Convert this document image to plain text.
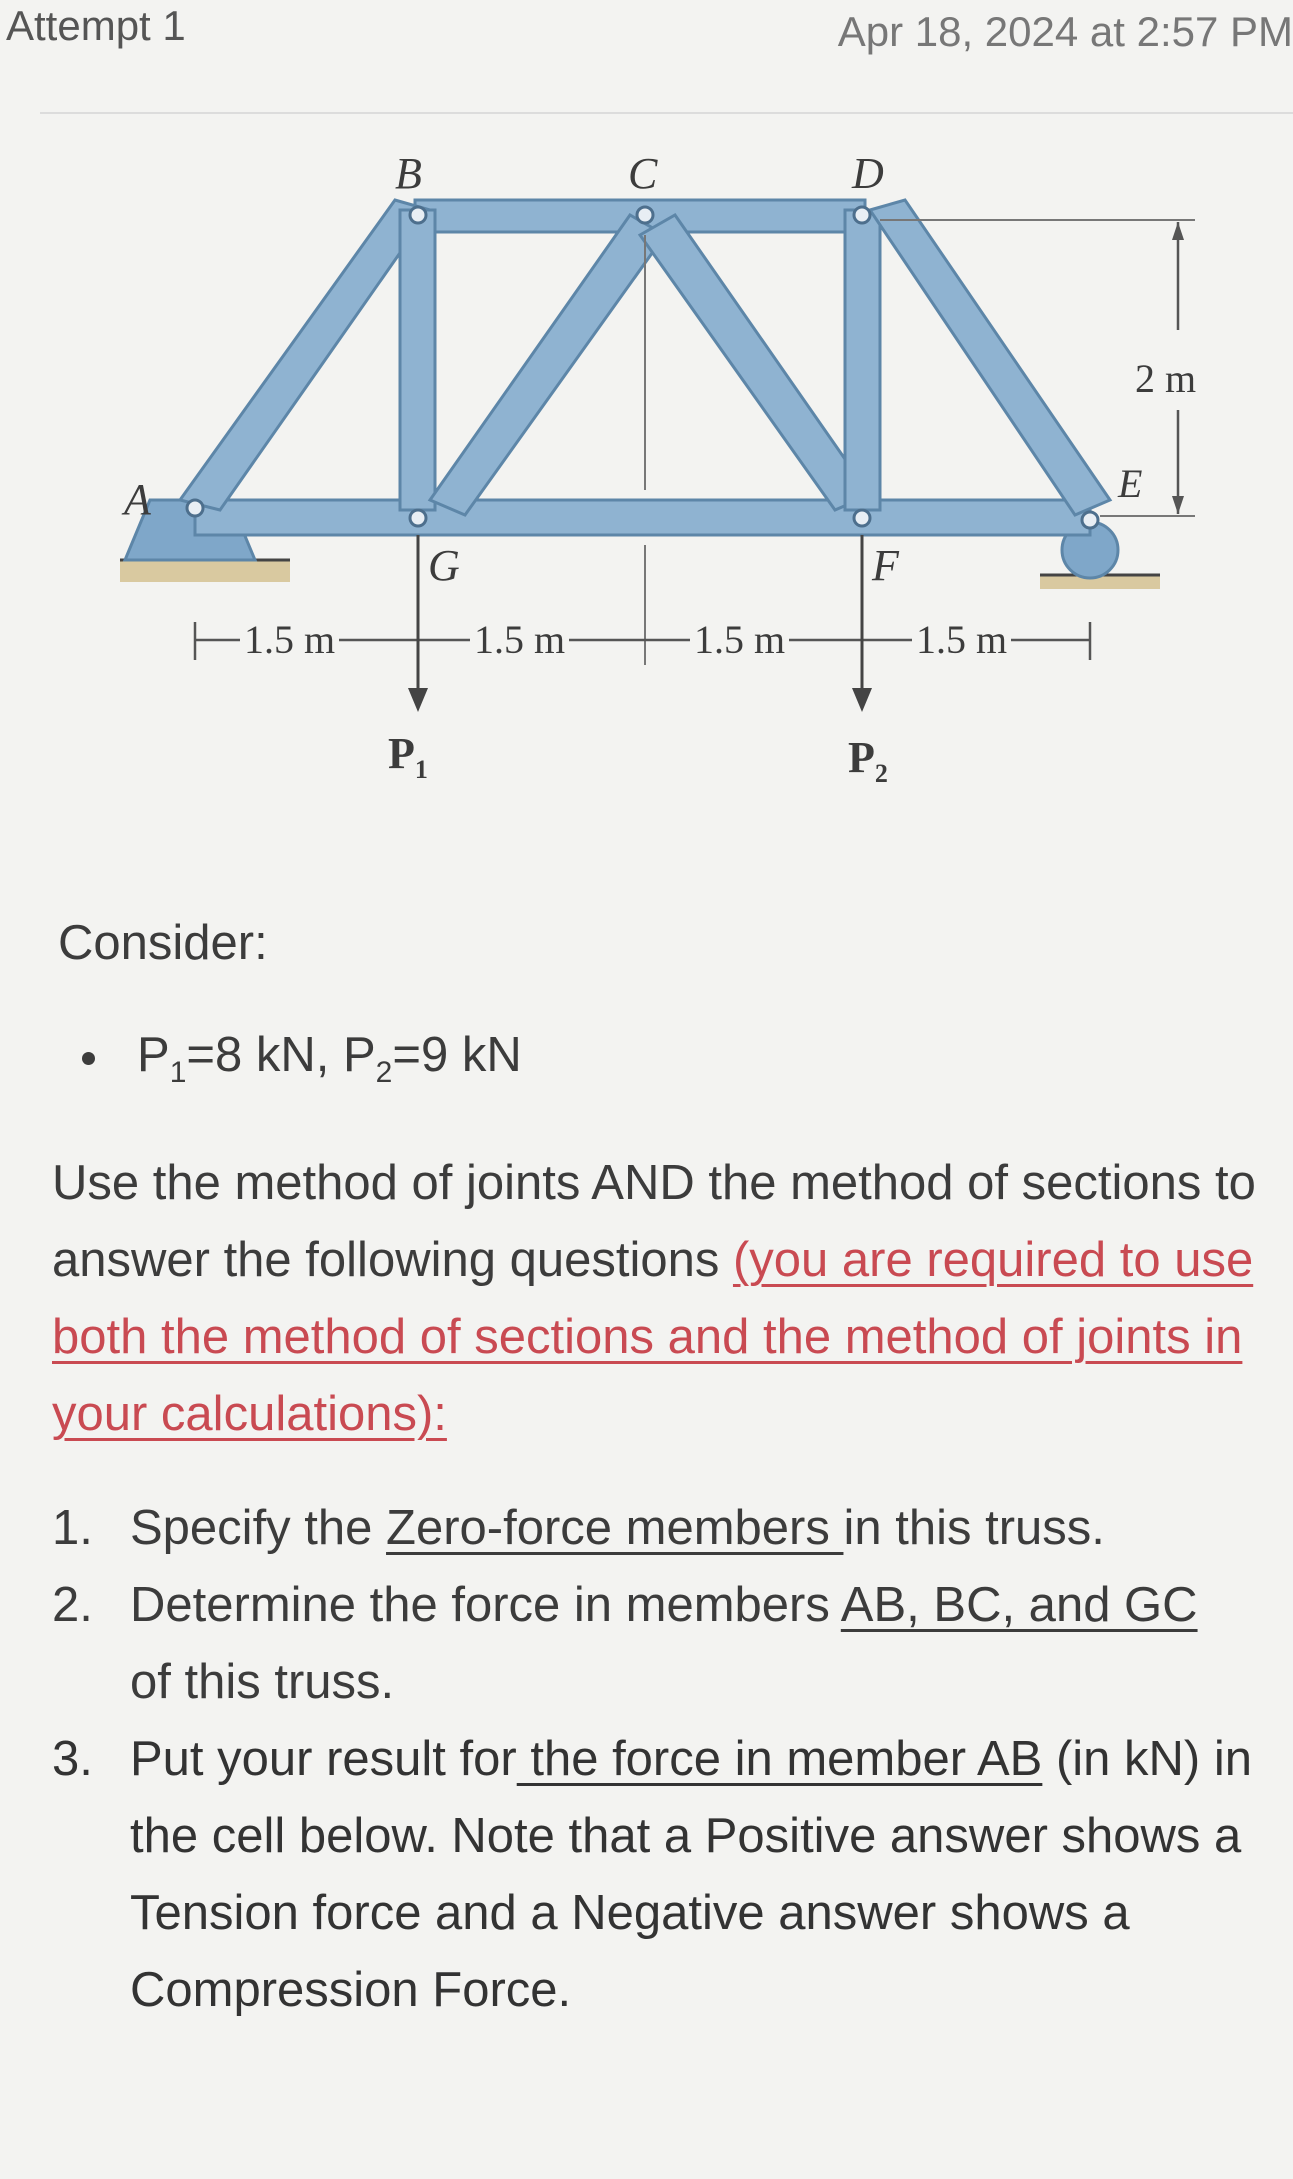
Attempt 1	Apr 18, 2024 at 2:57 PM
B	C	D
A	E
G	F
2 m
1.5 m	1.5 m	1.5 m	1.5 m
$P_1$	$P_2$

Consider:

$P_1=8$ kN, $P_2=9$ kN

Use the method of joints AND the method of sections to answer the following questions (you are required to use both the method of sections and the method of joints in your calculations):

1. Specify the Zero-force members in this truss.
2. Determine the force in members AB, BC, and GC of this truss.
3. Put your result for the force in member AB (in kN) in the cell below. Note that a Positive answer shows a Tension force and a Negative answer shows a Compression Force.
